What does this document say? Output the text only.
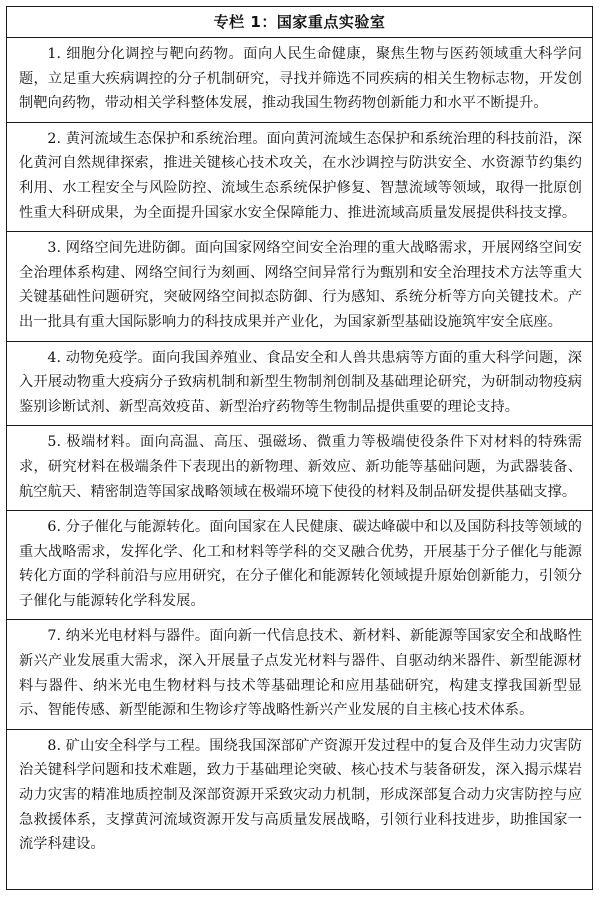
专栏 1：国家重点实验室
1. 细胞分化调控与靶向药物。面向人民生命健康，聚焦生物与医药领域重大科学问题，立足重大疾病调控的分子机制研究，寻找并筛选不同疾病的相关生物标志物，开发创制靶向药物，带动相关学科整体发展，推动我国生物药物创新能力和水平不断提升。
2. 黄河流域生态保护和系统治理。面向黄河流域生态保护和系统治理的科技前沿，深化黄河自然规律探索，推进关键核心技术攻关，在水沙调控与防洪安全、水资源节约集约利用、水工程安全与风险防控、流域生态系统保护修复、智慧流域等领域，取得一批原创性重大科研成果，为全面提升国家水安全保障能力、推进流域高质量发展提供科技支撑。
3. 网络空间先进防御。面向国家网络空间安全治理的重大战略需求，开展网络空间安全治理体系构建、网络空间行为刻画、网络空间异常行为甄别和安全治理技术方法等重大关键基础性问题研究，突破网络空间拟态防御、行为感知、系统分析等方向关键技术。产出一批具有重大国际影响力的科技成果并产业化，为国家新型基础设施筑牢安全底座。
4. 动物免疫学。面向我国养殖业、食品安全和人兽共患病等方面的重大科学问题，深入开展动物重大疫病分子致病机制和新型生物制剂创制及基础理论研究，为研制动物疫病鉴别诊断试剂、新型高效疫苗、新型治疗药物等生物制品提供重要的理论支持。
5. 极端材料。面向高温、高压、强磁场、微重力等极端使役条件下对材料的特殊需求，研究材料在极端条件下表现出的新物理、新效应、新功能等基础问题，为武器装备、航空航天、精密制造等国家战略领域在极端环境下使役的材料及制品研发提供基础支撑。
6. 分子催化与能源转化。面向国家在人民健康、碳达峰碳中和以及国防科技等领域的重大战略需求，发挥化学、化工和材料等学科的交叉融合优势，开展基于分子催化与能源转化方面的学科前沿与应用研究，在分子催化和能源转化领域提升原始创新能力，引领分子催化与能源转化学科发展。
7. 纳米光电材料与器件。面向新一代信息技术、新材料、新能源等国家安全和战略性新兴产业发展重大需求，深入开展量子点发光材料与器件、自驱动纳米器件、新型能源材料与器件、纳米光电生物材料与技术等基础理论和应用基础研究，构建支撑我国新型显示、智能传感、新型能源和生物诊疗等战略性新兴产业发展的自主核心技术体系。
8. 矿山安全科学与工程。围绕我国深部矿产资源开发过程中的复合及伴生动力灾害防治关键科学问题和技术难题，致力于基础理论突破、核心技术与装备研发，深入揭示煤岩动力灾害的精准地质控制及深部资源开采致灾动力机制，形成深部复合动力灾害防控与应急救援体系，支撑黄河流域资源开发与高质量发展战略，引领行业科技进步，助推国家一流学科建设。
